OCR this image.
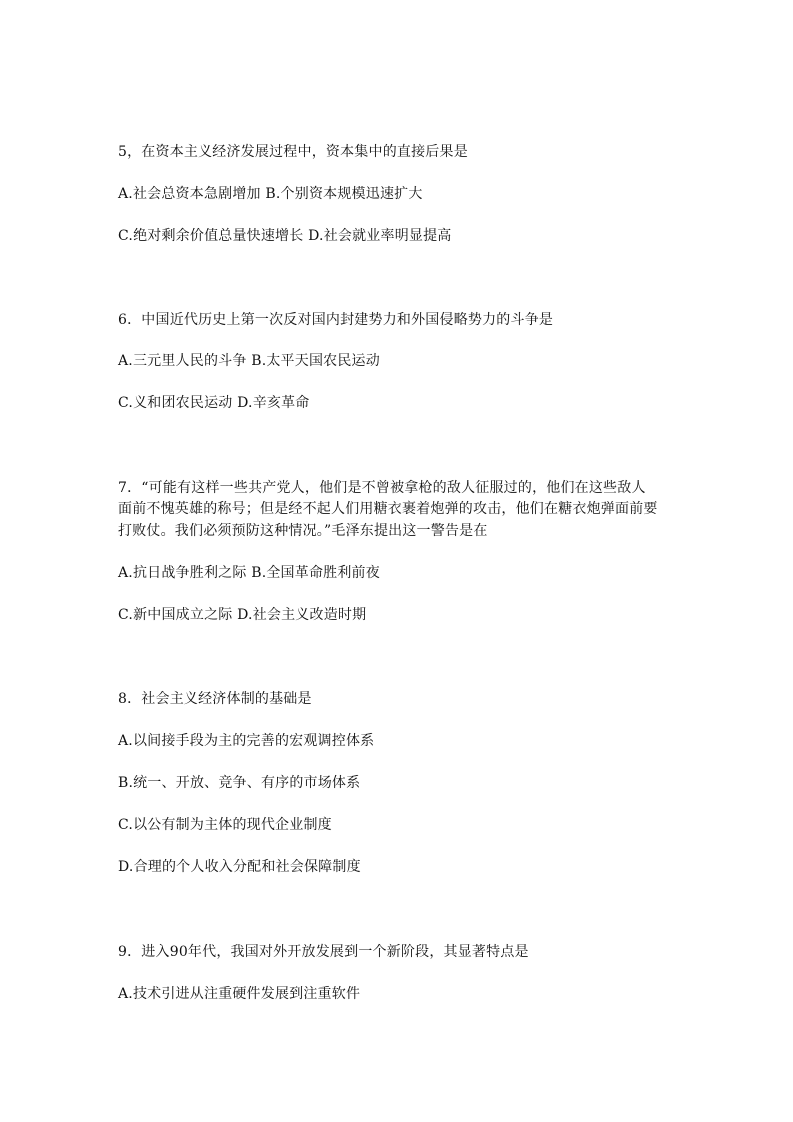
5，在资本主义经济发展过程中，资本集中的直接后果是
A.社会总资本急剧增加 B.个别资本规模迅速扩大
C.绝对剩余价值总量快速增长 D.社会就业率明显提高
6．中国近代历史上第一次反对国内封建势力和外国侵略势力的斗争是
A.三元里人民的斗争 B.太平天国农民运动
C.义和团农民运动 D.辛亥革命
7．“可能有这样一些共产党人，他们是不曾被拿枪的敌人征服过的，他们在这些敌人
面前不愧英雄的称号；但是经不起人们用糖衣裹着炮弹的攻击，他们在糖衣炮弹面前要
打败仗。我们必须预防这种情况。”毛泽东提出这一警告是在
A.抗日战争胜利之际 B.全国革命胜利前夜
C.新中国成立之际 D.社会主义改造时期
8．社会主义经济体制的基础是
A.以间接手段为主的完善的宏观调控体系
B.统一、开放、竞争、有序的市场体系
C.以公有制为主体的现代企业制度
D.合理的个人收入分配和社会保障制度
9．进入90年代，我国对外开放发展到一个新阶段，其显著特点是
A.技术引进从注重硬件发展到注重软件
